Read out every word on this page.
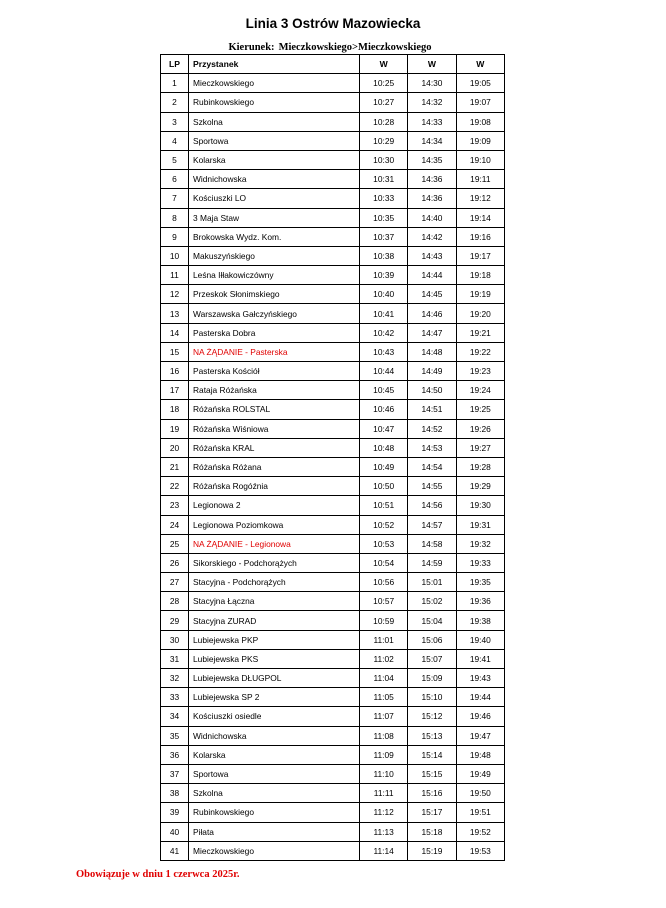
Linia 3 Ostrów Mazowiecka
Kierunek: Mieczkowskiego>Mieczkowskiego
LP	Przystanek	W	W	W
1	Mieczkowskiego	10:25	14:30	19:05
2	Rubinkowskiego	10:27	14:32	19:07
3	Szkolna	10:28	14:33	19:08
4	Sportowa	10:29	14:34	19:09
5	Kolarska	10:30	14:35	19:10
6	Widnichowska	10:31	14:36	19:11
7	Kościuszki LO	10:33	14:36	19:12
8	3 Maja Staw	10:35	14:40	19:14
9	Brokowska Wydz. Kom.	10:37	14:42	19:16
10	Makuszyńskiego	10:38	14:43	19:17
11	Leśna Iłłakowiczówny	10:39	14:44	19:18
12	Przeskok Słonimskiego	10:40	14:45	19:19
13	Warszawska Gałczyńskiego	10:41	14:46	19:20
14	Pasterska Dobra	10:42	14:47	19:21
15	NA ŻĄDANIE - Pasterska	10:43	14:48	19:22
16	Pasterska Kościół	10:44	14:49	19:23
17	Rataja Różańska	10:45	14:50	19:24
18	Różańska ROLSTAL	10:46	14:51	19:25
19	Różańska Wiśniowa	10:47	14:52	19:26
20	Różańska KRAL	10:48	14:53	19:27
21	Różańska Różana	10:49	14:54	19:28
22	Różańska Rogóźnia	10:50	14:55	19:29
23	Legionowa 2	10:51	14:56	19:30
24	Legionowa Poziomkowa	10:52	14:57	19:31
25	NA ŻĄDANIE - Legionowa	10:53	14:58	19:32
26	Sikorskiego - Podchorążych	10:54	14:59	19:33
27	Stacyjna - Podchorążych	10:56	15:01	19:35
28	Stacyjna Łączna	10:57	15:02	19:36
29	Stacyjna ZURAD	10:59	15:04	19:38
30	Lubiejewska PKP	11:01	15:06	19:40
31	Lubiejewska PKS	11:02	15:07	19:41
32	Lubiejewska DŁUGPOL	11:04	15:09	19:43
33	Lubiejewska SP 2	11:05	15:10	19:44
34	Kościuszki osiedle	11:07	15:12	19:46
35	Widnichowska	11:08	15:13	19:47
36	Kolarska	11:09	15:14	19:48
37	Sportowa	11:10	15:15	19:49
38	Szkolna	11:11	15:16	19:50
39	Rubinkowskiego	11:12	15:17	19:51
40	Piłata	11:13	15:18	19:52
41	Mieczkowskiego	11:14	15:19	19:53
Obowiązuje w dniu 1 czerwca 2025r.
